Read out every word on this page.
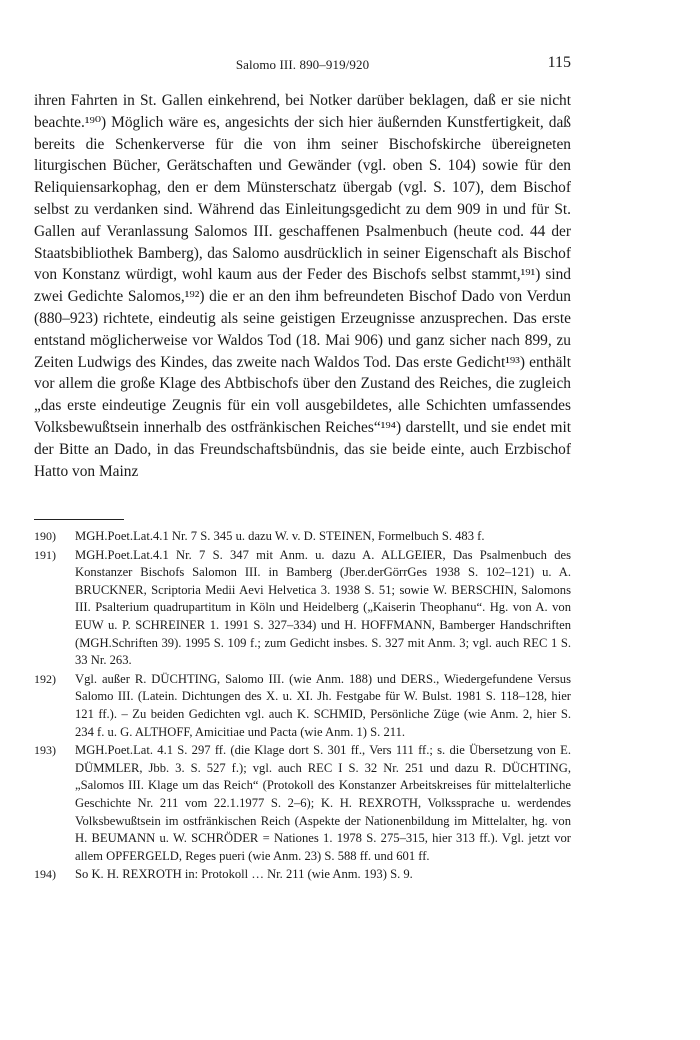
Salomo III. 890–919/920	115

ihren Fahrten in St. Gallen einkehrend, bei Notker darüber beklagen, daß er sie nicht beachte.¹⁹⁰) Möglich wäre es, angesichts der sich hier äußernden Kunstfertigkeit, daß bereits die Schenkerverse für die von ihm seiner Bischofskirche übereigneten liturgischen Bücher, Gerätschaften und Gewänder (vgl. oben S. 104) sowie für den Reliquiensarkophag, den er dem Münsterschatz übergab (vgl. S. 107), dem Bischof selbst zu verdanken sind. Während das Einleitungsgedicht zu dem 909 in und für St. Gallen auf Veranlassung Salomos III. geschaffenen Psalmenbuch (heute cod. 44 der Staatsbibliothek Bamberg), das Salomo ausdrücklich in seiner Eigenschaft als Bischof von Konstanz würdigt, wohl kaum aus der Feder des Bischofs selbst stammt,¹⁹¹) sind zwei Gedichte Salomos,¹⁹²) die er an den ihm befreundeten Bischof Dado von Verdun (880–923) richtete, eindeutig als seine geistigen Erzeugnisse anzusprechen. Das erste entstand möglicherweise vor Waldos Tod (18. Mai 906) und ganz sicher nach 899, zu Zeiten Ludwigs des Kindes, das zweite nach Waldos Tod. Das erste Gedicht¹⁹³) enthält vor allem die große Klage des Abtbischofs über den Zustand des Reiches, die zugleich „das erste eindeutige Zeugnis für ein voll ausgebildetes, alle Schichten umfassendes Volksbewußtsein innerhalb des ostfränkischen Reiches“¹⁹⁴) darstellt, und sie endet mit der Bitte an Dado, in das Freundschaftsbündnis, das sie beide einte, auch Erzbischof Hatto von Mainz

190)	MGH.Poet.Lat.4.1 Nr. 7 S. 345 u. dazu W. v. D. STEINEN, Formelbuch S. 483 f.
191)	MGH.Poet.Lat.4.1 Nr. 7 S. 347 mit Anm. u. dazu A. ALLGEIER, Das Psalmenbuch des Konstanzer Bischofs Salomon III. in Bamberg (Jber.derGörrGes 1938 S. 102–121) u. A. BRUCKNER, Scriptoria Medii Aevi Helvetica 3. 1938 S. 51; sowie W. BERSCHIN, Salomons III. Psalterium quadrupartitum in Köln und Heidelberg („Kaiserin Theophanu“. Hg. von A. von EUW u. P. SCHREINER 1. 1991 S. 327–334) und H. HOFFMANN, Bamberger Handschriften (MGH.Schriften 39). 1995 S. 109 f.; zum Gedicht insbes. S. 327 mit Anm. 3; vgl. auch REC 1 S. 33 Nr. 263.
192)	Vgl. außer R. DÜCHTING, Salomo III. (wie Anm. 188) und DERS., Wiedergefundene Versus Salomo III. (Latein. Dichtungen des X. u. XI. Jh. Festgabe für W. Bulst. 1981 S. 118–128, hier 121 ff.). – Zu beiden Gedichten vgl. auch K. SCHMID, Persönliche Züge (wie Anm. 2, hier S. 234 f. u. G. ALTHOFF, Amicitiae und Pacta (wie Anm. 1) S. 211.
193)	MGH.Poet.Lat. 4.1 S. 297 ff. (die Klage dort S. 301 ff., Vers 111 ff.; s. die Übersetzung von E. DÜMMLER, Jbb. 3. S. 527 f.); vgl. auch REC I S. 32 Nr. 251 und dazu R. DÜCHTING, „Salomos III. Klage um das Reich“ (Protokoll des Konstanzer Arbeitskreises für mittelalterliche Geschichte Nr. 211 vom 22.1.1977 S. 2–6); K. H. REXROTH, Volkssprache u. werdendes Volksbewußtsein im ostfränkischen Reich (Aspekte der Nationenbildung im Mittelalter, hg. von H. BEUMANN u. W. SCHRÖDER = Nationes 1. 1978 S. 275–315, hier 313 ff.). Vgl. jetzt vor allem OPFERGELD, Reges pueri (wie Anm. 23) S. 588 ff. und 601 ff.
194)	So K. H. REXROTH in: Protokoll … Nr. 211 (wie Anm. 193) S. 9.
